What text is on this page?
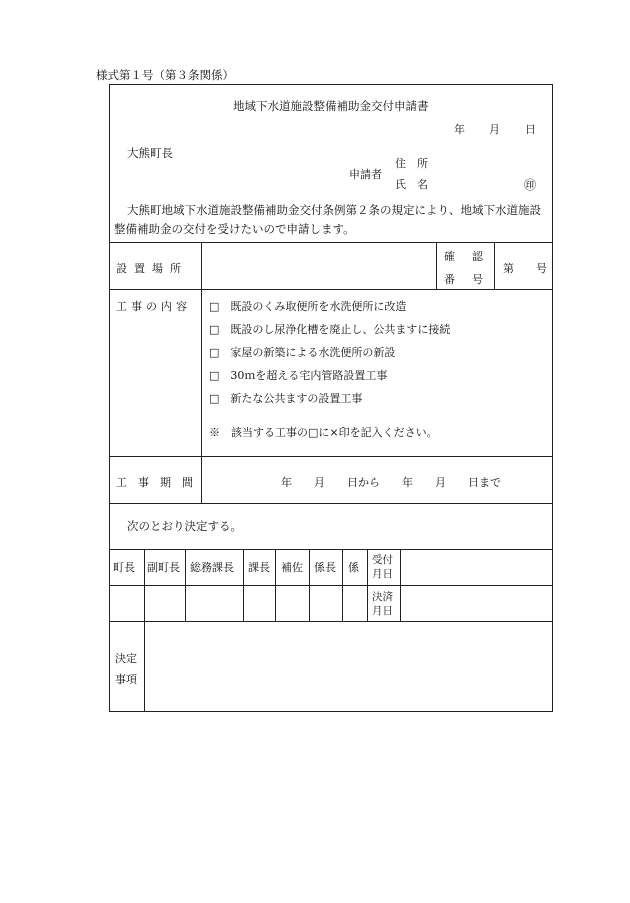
様式第１号（第３条関係）
地域下水道施設整備補助金交付申請書
年 月 日
大熊町長
申請者
住　所
氏　名	㊞
大熊町地域下水道施設整備補助金交付条例第２条の規定により、地域下水道施設
整備補助金の交付を受けたいので申請します。
設置場所
確　認
番　号
第　　号
工事の内容 □　既設のくみ取便所を水洗便所に改造
□　既設のし尿浄化槽を廃止し、公共ますに接続
□　家屋の新築による水洗便所の新設
□　30ｍを超える宅内管路設置工事
□　新たな公共ますの設置工事
※　該当する工事の□に×印を記入ください。
工事期間	年　　月　　日から　　年　　月　　日まで
次のとおり決定する。
町長 副町長 総務課長 課長 補佐 係長 係
受付
月日
決済
月日
決定
事項
